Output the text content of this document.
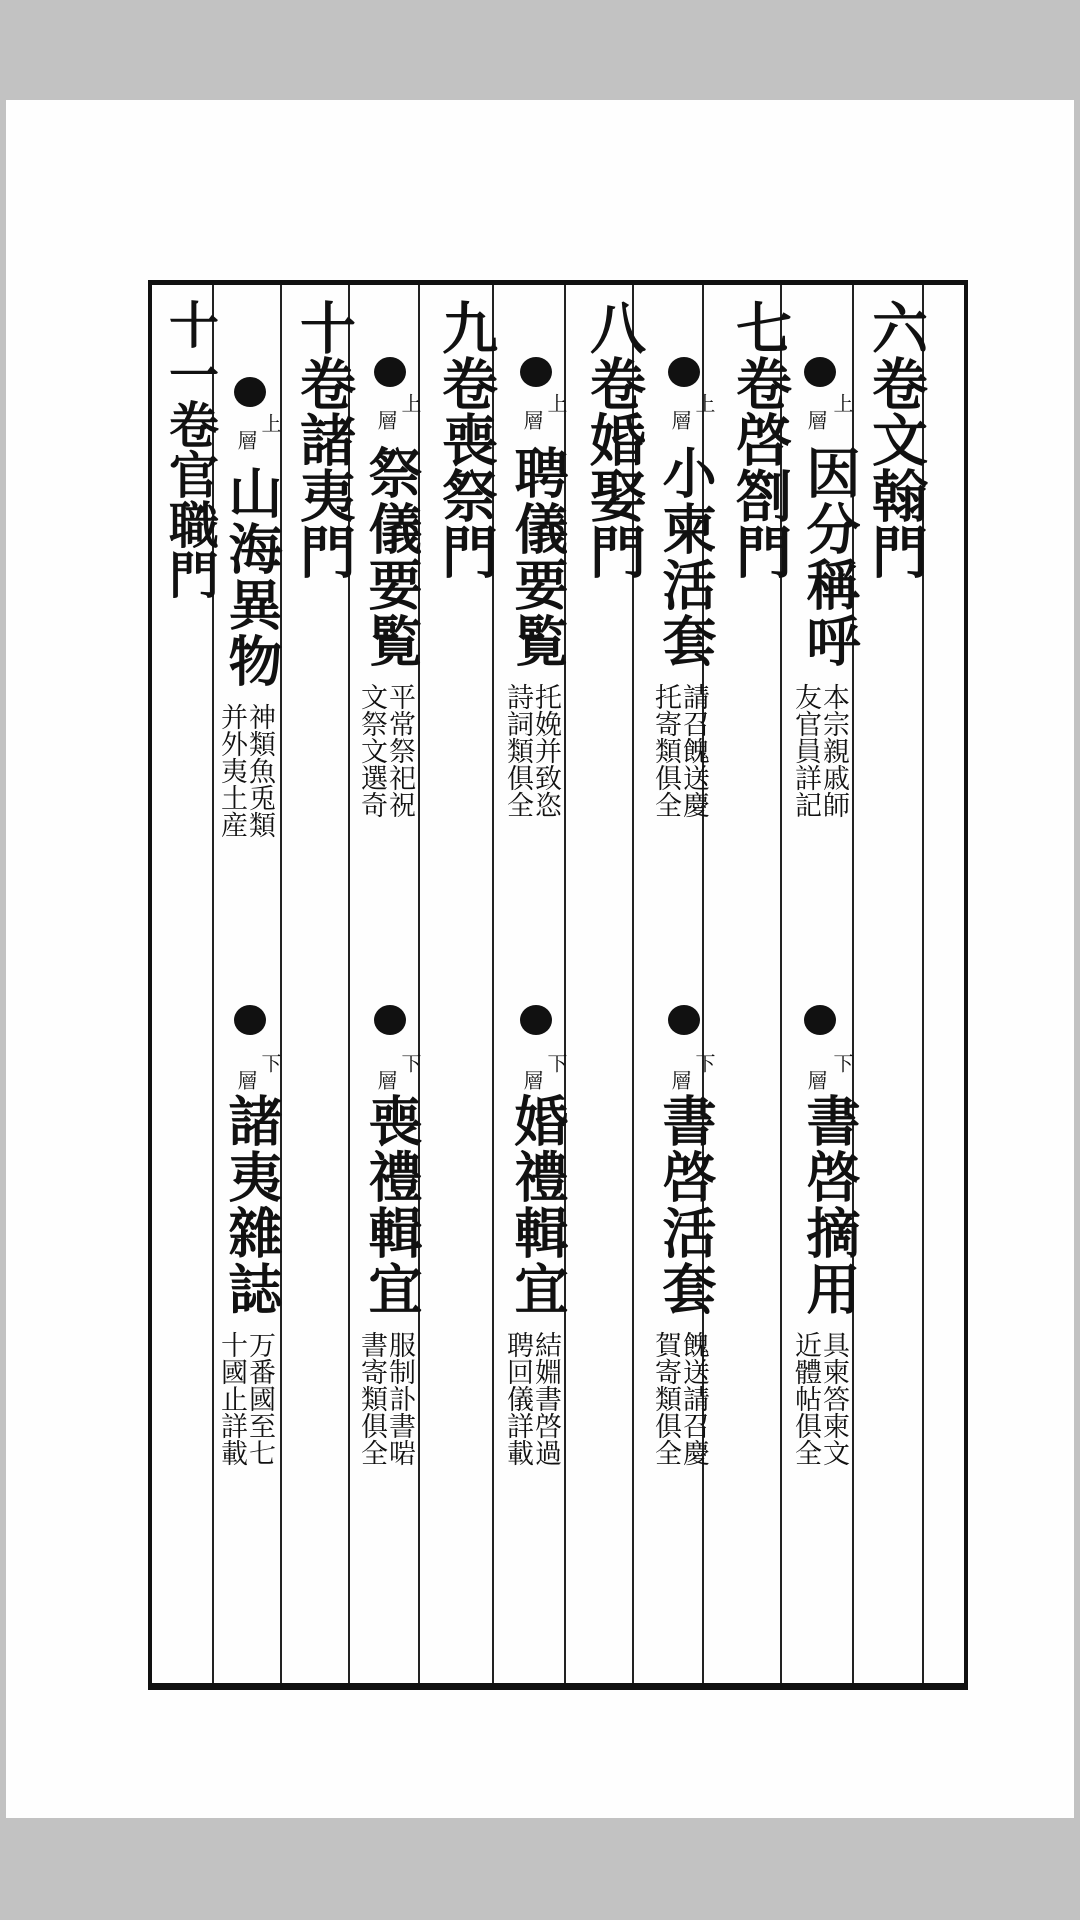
六卷文翰門
上
層
因分稱呼
本宗親戚師
友官員詳記
下
層
書啓摘用
具柬答柬文
近體帖俱全
七卷啓劄門
上
層
小柬活套
請召餽送慶
托寄類俱全
下
層
書啓活套
餽送請召慶
賀寄類俱全
八卷婚娶門
上
層
聘儀要覧
托娩并致恣
詩詞類俱全
下
層
婚禮輯宜
結婣書啓過
聘回儀詳載
九卷喪祭門
上
層
祭儀要覧
平常祭祀祝
文祭文選奇
下
層
喪禮輯宜
服制訃書啱
書寄類俱全
十卷諸夷門
上
層
山海異物
神類魚兎類
并外夷土産
下
層
諸夷雜誌
万番國至七
十國止詳載
十一卷官職門
